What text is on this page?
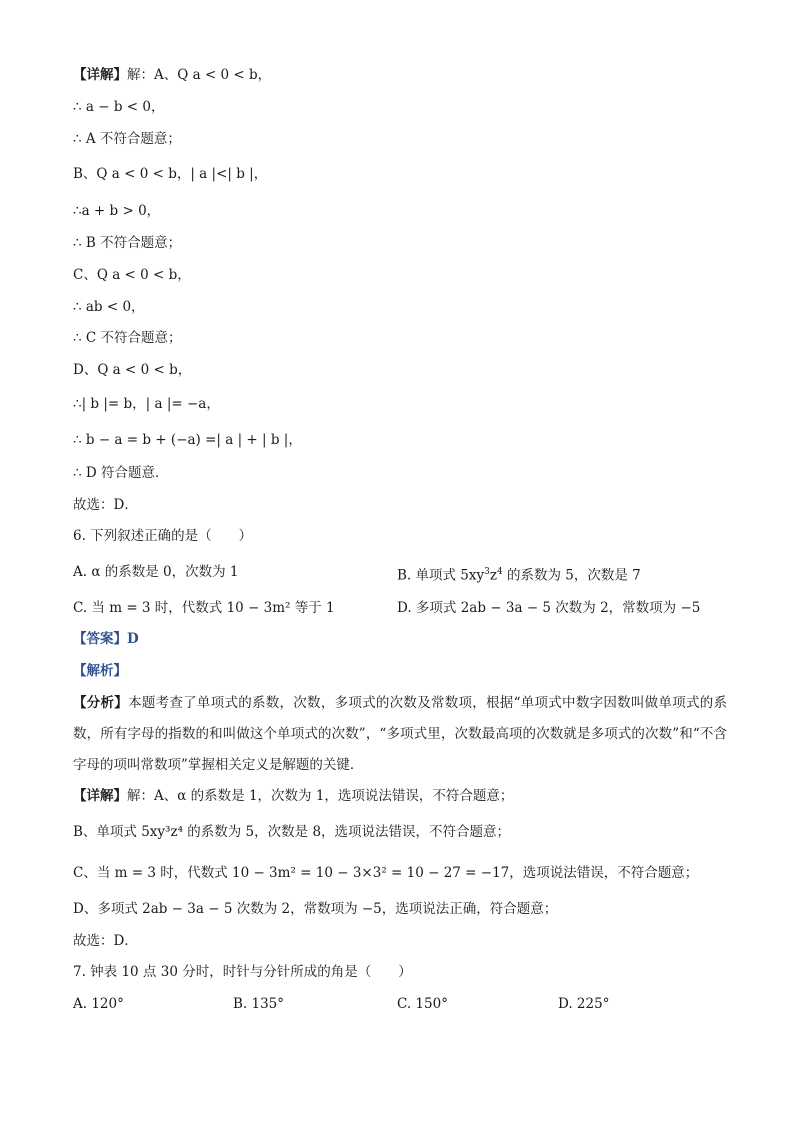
【详解】解：A、Q a < 0 < b，
∴ a − b < 0，
∴ A 不符合题意；
B、Q a < 0 < b，| a |<| b |，
∴a + b > 0，
∴ B 不符合题意；
C、Q a < 0 < b，
∴ ab < 0，
∴ C 不符合题意；
D、Q a < 0 < b，
∴| b |= b，| a |= −a，
∴ b − a = b + (−a) =| a | + | b |，
∴ D 符合题意．
故选：D．
6. 下列叙述正确的是（　　）
A. α 的系数是 0，次数为 1	B. 单项式 $5xy^3z^4$ 的系数为 5，次数是 7
C. 当 m = 3 时，代数式 10 − 3m² 等于 1	D. 多项式 2ab − 3a − 5 次数为 2，常数项为 −5
【答案】D
【解析】
【分析】本题考查了单项式的系数，次数，多项式的次数及常数项，根据“单项式中数字因数叫做单项式的系数，所有字母的指数的和叫做这个单项式的次数”，“多项式里，次数最高项的次数就是多项式的次数”和“不含字母的项叫常数项”掌握相关定义是解题的关键．
【详解】解：A、α 的系数是 1，次数为 1，选项说法错误，不符合题意；
B、单项式 5xy³z⁴ 的系数为 5，次数是 8，选项说法错误，不符合题意；
C、当 m = 3 时，代数式 10 − 3m² = 10 − 3×3² = 10 − 27 = −17，选项说法错误，不符合题意；
D、多项式 2ab − 3a − 5 次数为 2，常数项为 −5，选项说法正确，符合题意；
故选：D．
7. 钟表 10 点 30 分时，时针与分针所成的角是（　　）
A. 120°	B. 135°	C. 150°	D. 225°
